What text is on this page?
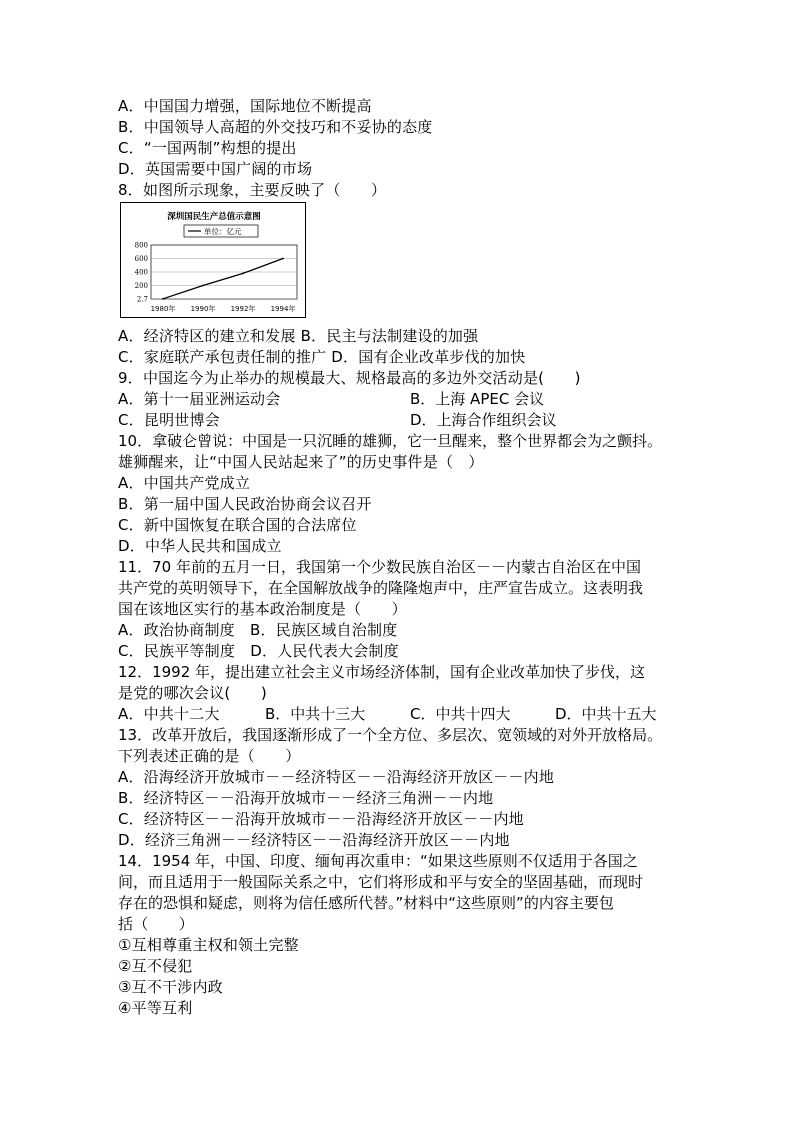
A．中国国力增强，国际地位不断提高
B．中国领导人高超的外交技巧和不妥协的态度
C．“一国两制”构想的提出
D．英国需要中国广阔的市场
8．如图所示现象，主要反映了（　　）
深圳国民生产总值示意图
单位：亿元
800
600
400
200
2.7
1980年 1990年 1992年 1994年
A．经济特区的建立和发展 B．民主与法制建设的加强
C．家庭联产承包责任制的推广 D．国有企业改革步伐的加快
9．中国迄今为止举办的规模最大、规格最高的多边外交活动是(　　)
A．第十一届亚洲运动会	B．上海 APEC 会议
C．昆明世博会	D．上海合作组织会议
10．拿破仑曾说：中国是一只沉睡的雄狮，它一旦醒来，整个世界都会为之颤抖。
雄狮醒来，让“中国人民站起来了”的历史事件是（　）
A．中国共产党成立
B．第一届中国人民政治协商会议召开
C．新中国恢复在联合国的合法席位
D．中华人民共和国成立
11．70 年前的五月一日，我国第一个少数民族自治区－－内蒙古自治区在中国
共产党的英明领导下，在全国解放战争的隆隆炮声中，庄严宣告成立。这表明我
国在该地区实行的基本政治制度是（　　）
A．政治协商制度　B．民族区域自治制度
C．民族平等制度　D．人民代表大会制度
12．1992 年，提出建立社会主义市场经济体制，国有企业改革加快了步伐，这
是党的哪次会议(　　)
A．中共十二大	B．中共十三大	C．中共十四大	D．中共十五大
13．改革开放后，我国逐渐形成了一个全方位、多层次、宽领域的对外开放格局。
下列表述正确的是（　　）
A．沿海经济开放城市－－经济特区－－沿海经济开放区－－内地
B．经济特区－－沿海开放城市－－经济三角洲－－内地
C．经济特区－－沿海开放城市－－沿海经济开放区－－内地
D．经济三角洲－－经济特区－－沿海经济开放区－－内地
14．1954 年，中国、印度、缅甸再次重申：“如果这些原则不仅适用于各国之
间，而且适用于一般国际关系之中，它们将形成和平与安全的坚固基础，而现时
存在的恐惧和疑虑，则将为信任感所代替。”材料中“这些原则”的内容主要包
括（　　）
①互相尊重主权和领土完整
②互不侵犯
③互不干涉内政
④平等互利
